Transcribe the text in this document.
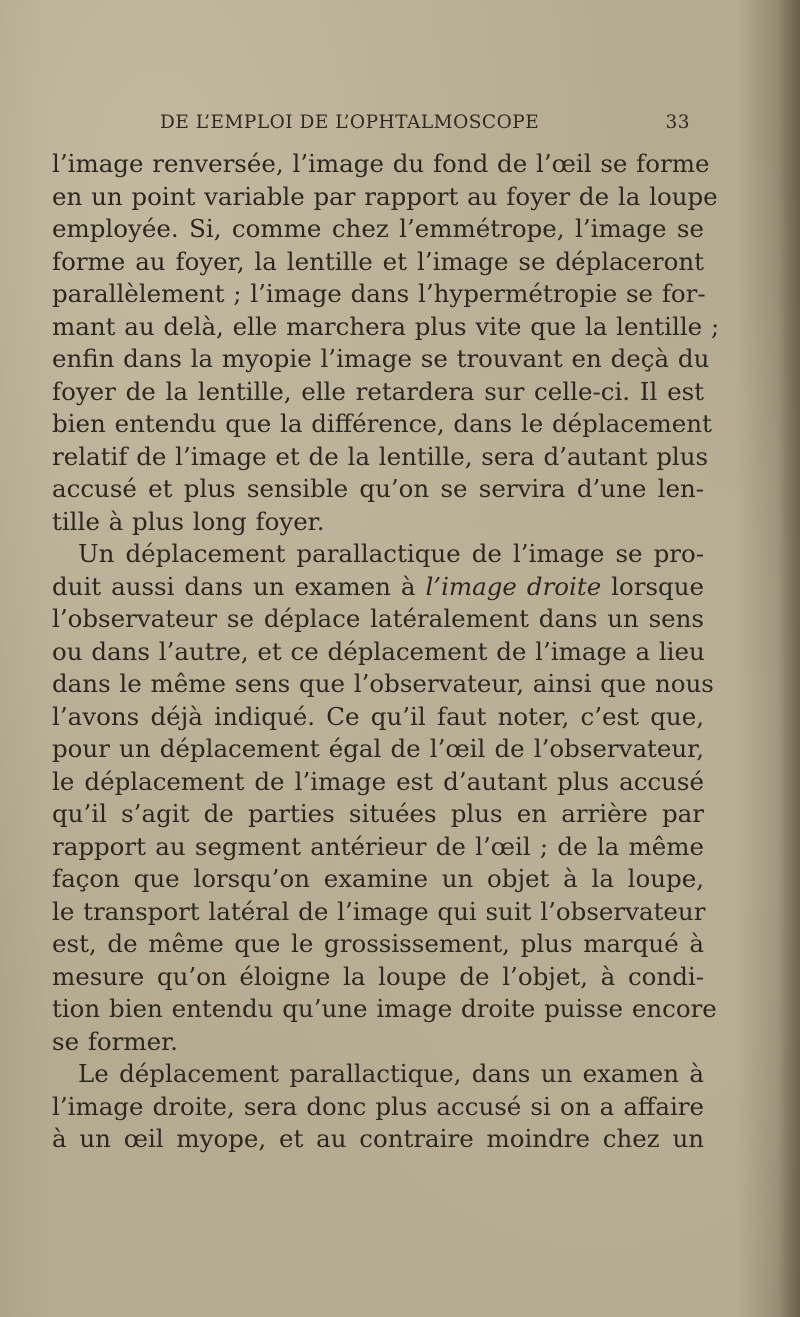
DE L’EMPLOI DE L’OPHTALMOSCOPE	33
l’image renversée, l’image du fond de l’œil se forme
en un point variable par rapport au foyer de la loupe
employée. Si, comme chez l’emmétrope, l’image se
forme au foyer, la lentille et l’image se déplaceront
parallèlement ; l’image dans l’hypermétropie se for-
mant au delà, elle marchera plus vite que la lentille ;
enfin dans la myopie l’image se trouvant en deçà du
foyer de la lentille, elle retardera sur celle-ci. Il est
bien entendu que la différence, dans le déplacement
relatif de l’image et de la lentille, sera d’autant plus
accusé et plus sensible qu’on se servira d’une len-
tille à plus long foyer.
Un déplacement parallactique de l’image se pro-
duit aussi dans un examen à l’image droite lorsque
l’observateur se déplace latéralement dans un sens
ou dans l’autre, et ce déplacement de l’image a lieu
dans le même sens que l’observateur, ainsi que nous
l’avons déjà indiqué. Ce qu’il faut noter, c’est que,
pour un déplacement égal de l’œil de l’observateur,
le déplacement de l’image est d’autant plus accusé
qu’il s’agit de parties situées plus en arrière par
rapport au segment antérieur de l’œil ; de la même
façon que lorsqu’on examine un objet à la loupe,
le transport latéral de l’image qui suit l’observateur
est, de même que le grossissement, plus marqué à
mesure qu’on éloigne la loupe de l’objet, à condi-
tion bien entendu qu’une image droite puisse encore
se former.
Le déplacement parallactique, dans un examen à
l’image droite, sera donc plus accusé si on a affaire
à un œil myope, et au contraire moindre chez un
